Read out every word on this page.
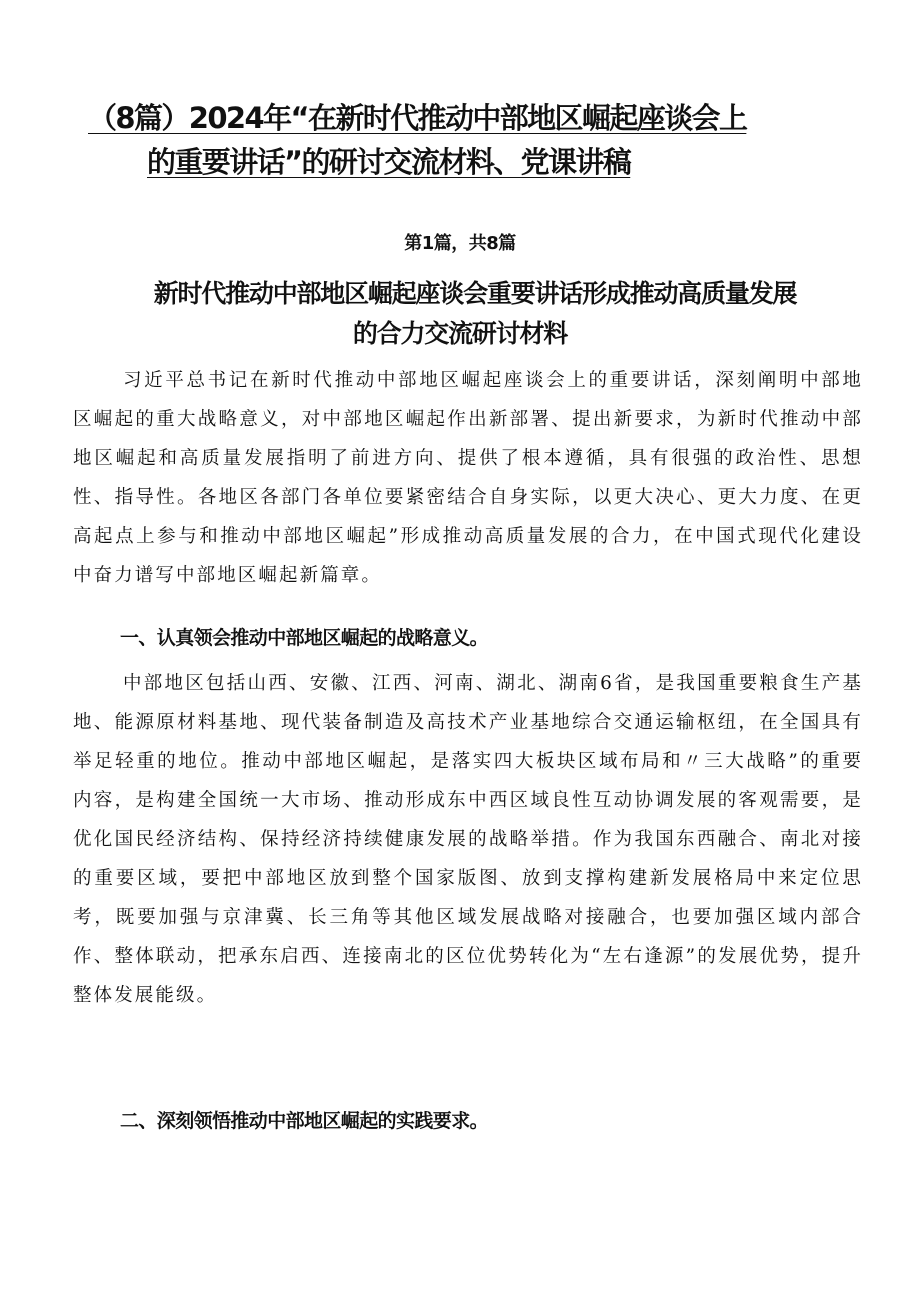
（8篇）2024年“在新时代推动中部地区崛起座谈会上
的重要讲话”的研讨交流材料、党课讲稿
第1篇，共8篇
新时代推动中部地区崛起座谈会重要讲话形成推动高质量发展
的合力交流研讨材料

习近平总书记在新时代推动中部地区崛起座谈会上的重要讲话，深刻阐明中部地区崛起的重大战略意义，对中部地区崛起作出新部署、提出新要求，为新时代推动中部地区崛起和高质量发展指明了前进方向、提供了根本遵循，具有很强的政治性、思想性、指导性。各地区各部门各单位要紧密结合自身实际，以更大决心、更大力度、在更高起点上参与和推动中部地区崛起”形成推动高质量发展的合力，在中国式现代化建设中奋力谱写中部地区崛起新篇章。

一、认真领会推动中部地区崛起的战略意义。

中部地区包括山西、安徽、江西、河南、湖北、湖南6省，是我国重要粮食生产基地、能源原材料基地、现代装备制造及高技术产业基地综合交通运输枢纽，在全国具有举足轻重的地位。推动中部地区崛起，是落实四大板块区域布局和〃三大战略”的重要内容，是构建全国统一大市场、推动形成东中西区域良性互动协调发展的客观需要，是优化国民经济结构、保持经济持续健康发展的战略举措。作为我国东西融合、南北对接的重要区域，要把中部地区放到整个国家版图、放到支撑构建新发展格局中来定位思考，既要加强与京津冀、长三角等其他区域发展战略对接融合，也要加强区域内部合作、整体联动，把承东启西、连接南北的区位优势转化为“左右逢源”的发展优势，提升整体发展能级。

二、深刻领悟推动中部地区崛起的实践要求。
